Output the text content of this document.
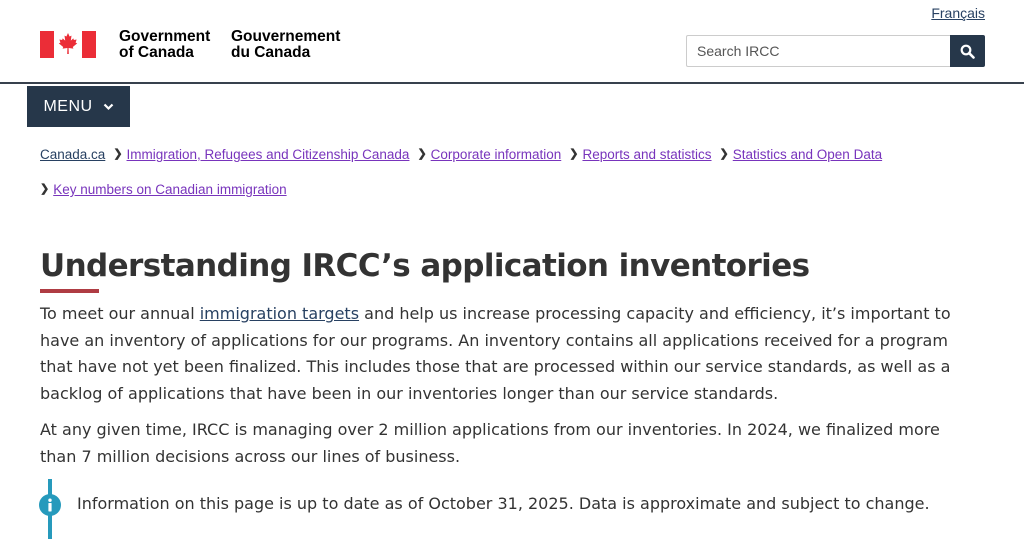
Français
Government
of Canada
Gouvernement
du Canada
Search IRCC
MENU
Canada.ca ❯ Immigration, Refugees and Citizenship Canada ❯ Corporate information ❯ Reports and statistics ❯ Statistics and Open Data
❯ Key numbers on Canadian immigration
Understanding IRCC’s application inventories

To meet our annual immigration targets and help us increase processing capacity and efficiency, it’s important to have an inventory of applications for our programs. An inventory contains all applications received for a program that have not yet been finalized. This includes those that are processed within our service standards, as well as a backlog of applications that have been in our inventories longer than our service standards.

At any given time, IRCC is managing over 2 million applications from our inventories. In 2024, we finalized more than 7 million decisions across our lines of business.

Information on this page is up to date as of October 31, 2025. Data is approximate and subject to change.
